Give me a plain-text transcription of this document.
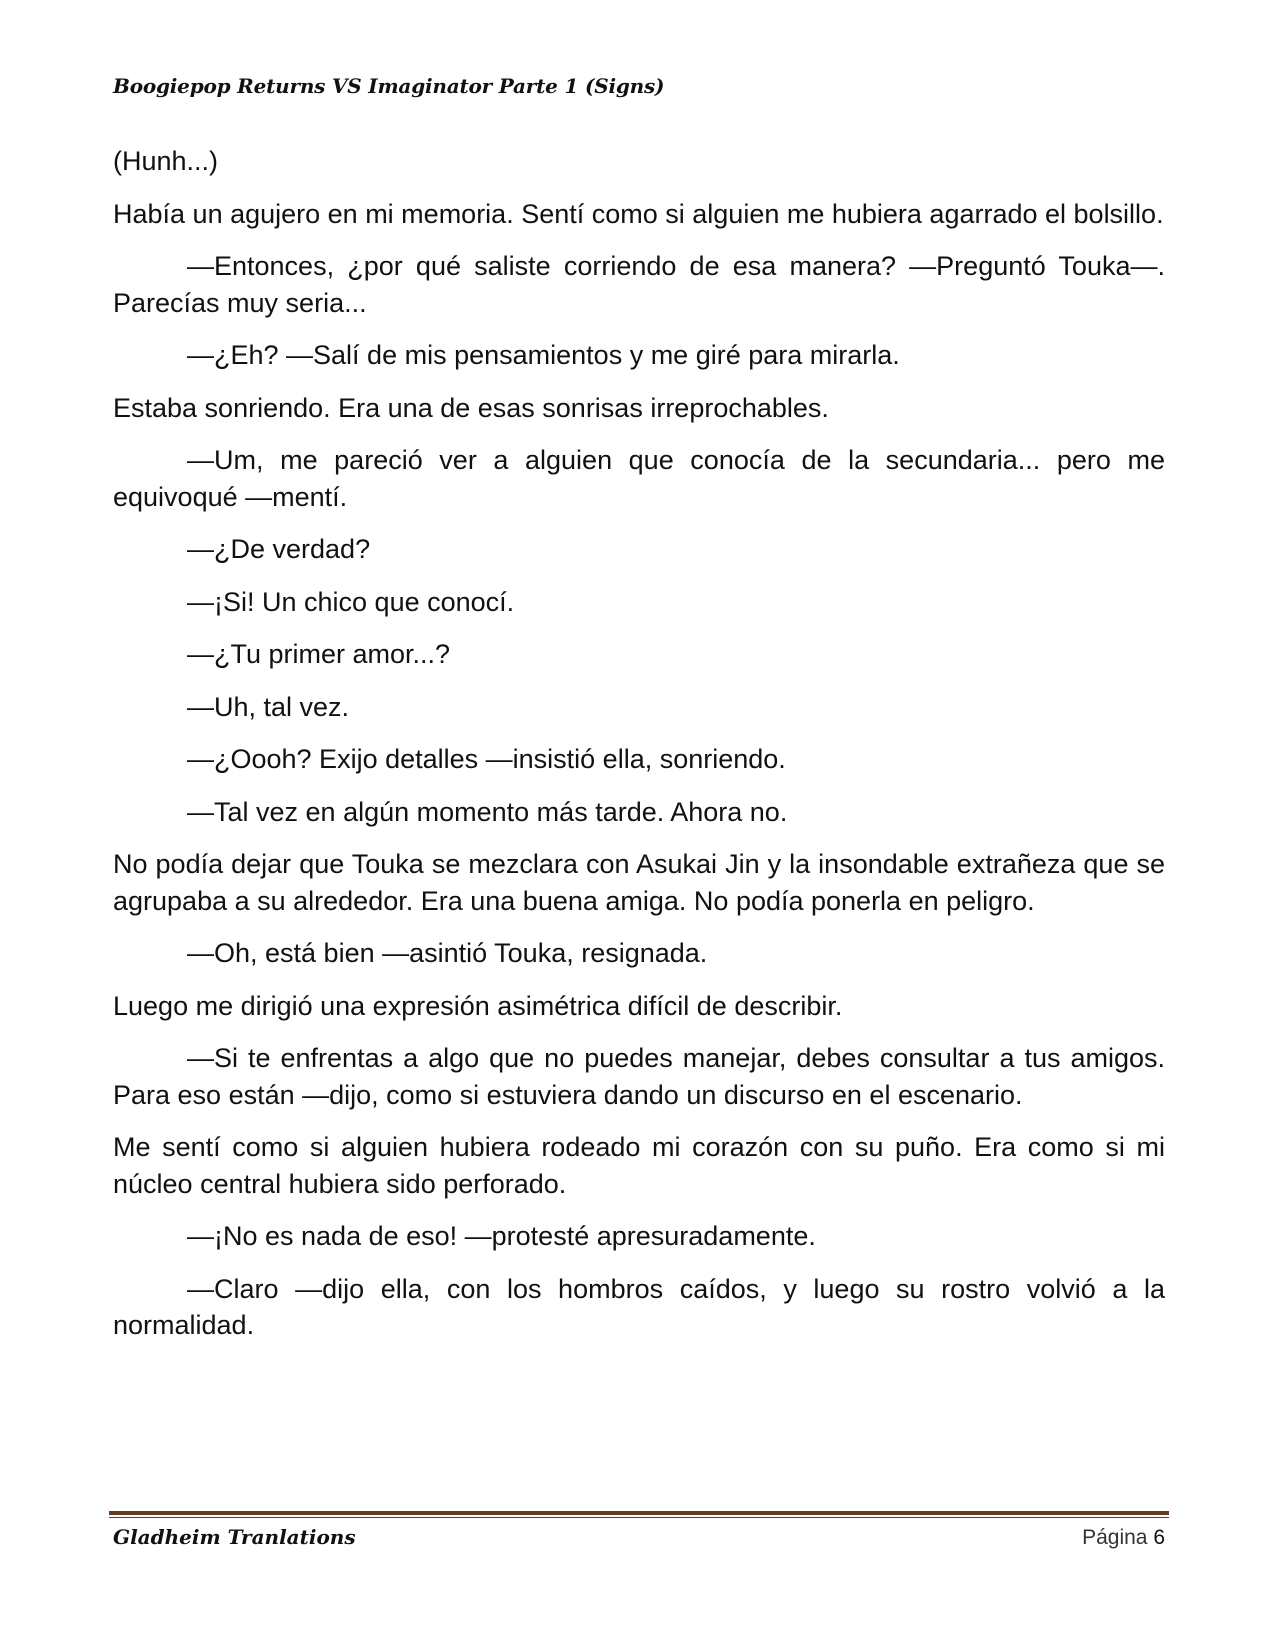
Boogiepop Returns VS Imaginator Parte 1 (Signs)

(Hunh...)

Había un agujero en mi memoria. Sentí como si alguien me hubiera agarrado el bolsillo.

—Entonces, ¿por qué saliste corriendo de esa manera? —Preguntó Touka—. Parecías muy seria...

—¿Eh? —Salí de mis pensamientos y me giré para mirarla.

Estaba sonriendo. Era una de esas sonrisas irreprochables.

—Um, me pareció ver a alguien que conocía de la secundaria... pero me equivoqué —mentí.

—¿De verdad?

—¡Si! Un chico que conocí.

—¿Tu primer amor...?

—Uh, tal vez.

—¿Oooh? Exijo detalles —insistió ella, sonriendo.

—Tal vez en algún momento más tarde. Ahora no.

No podía dejar que Touka se mezclara con Asukai Jin y la insondable extrañeza que se agrupaba a su alrededor. Era una buena amiga. No podía ponerla en peligro.

—Oh, está bien —asintió Touka, resignada.

Luego me dirigió una expresión asimétrica difícil de describir.

—Si te enfrentas a algo que no puedes manejar, debes consultar a tus amigos. Para eso están —dijo, como si estuviera dando un discurso en el escenario.

Me sentí como si alguien hubiera rodeado mi corazón con su puño. Era como si mi núcleo central hubiera sido perforado.

—¡No es nada de eso! —protesté apresuradamente.

—Claro —dijo ella, con los hombros caídos, y luego su rostro volvió a la normalidad.

Gladheim Tranlations	Página 6
